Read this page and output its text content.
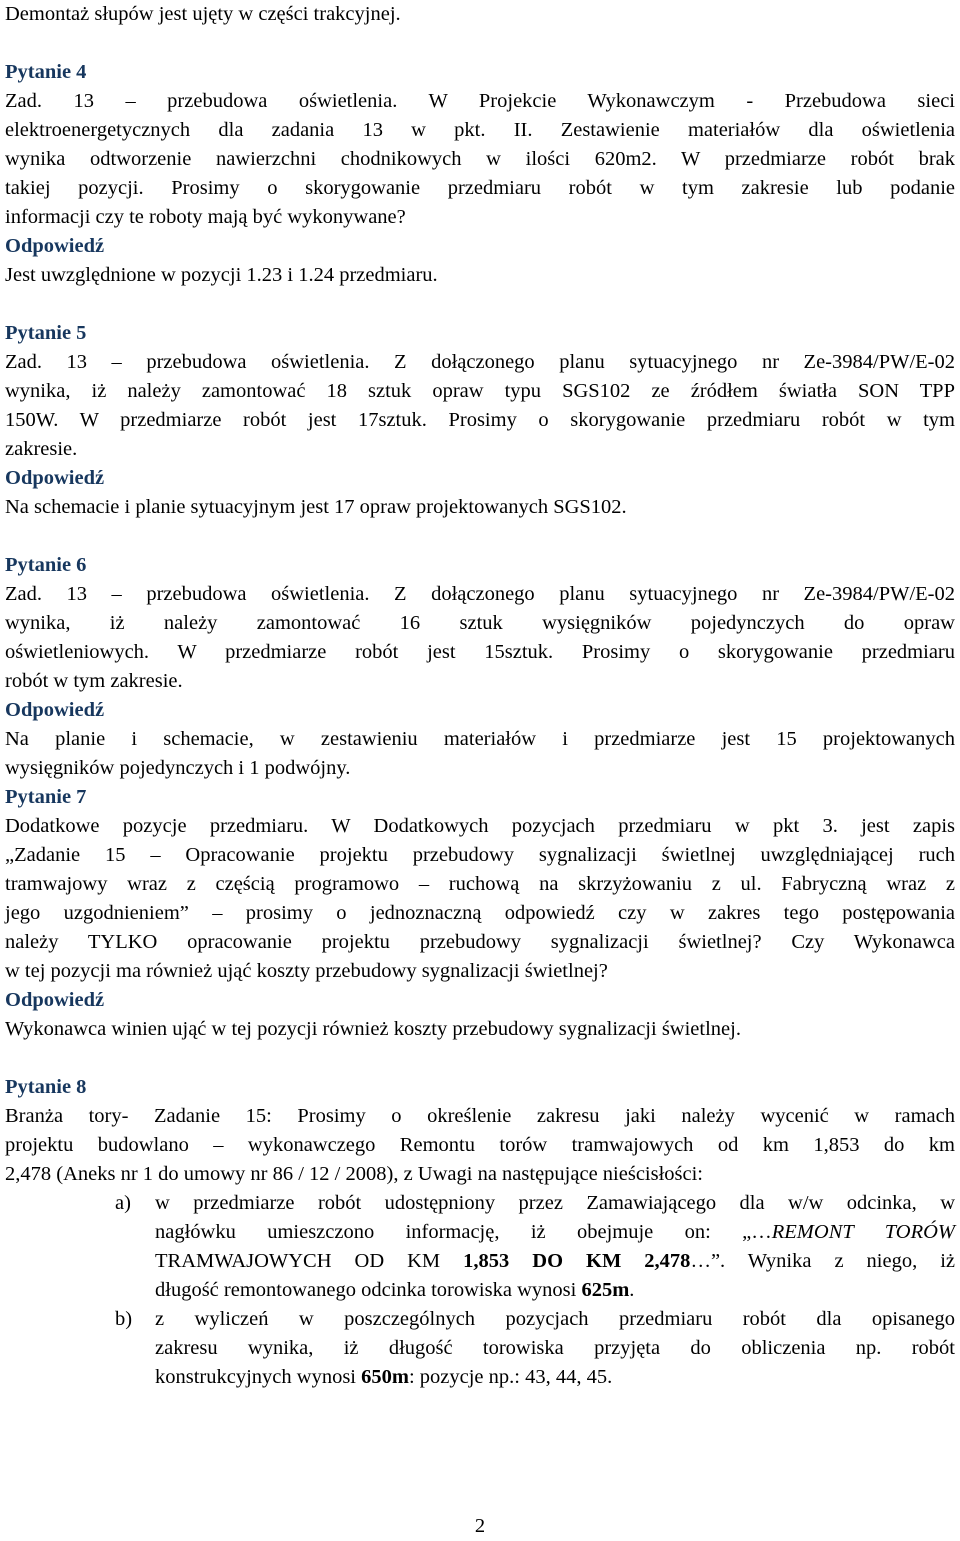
Demontaż słupów jest ujęty w części trakcyjnej.
Pytanie 4
Zad. 13 – przebudowa oświetlenia. W Projekcie Wykonawczym - Przebudowa sieci
elektroenergetycznych dla zadania 13 w pkt. II. Zestawienie materiałów dla oświetlenia
wynika odtworzenie nawierzchni chodnikowych w ilości 620m2. W przedmiarze robót brak
takiej pozycji. Prosimy o skorygowanie przedmiaru robót w tym zakresie lub podanie
informacji czy te roboty mają być wykonywane?
Odpowiedź
Jest uwzględnione w pozycji 1.23 i 1.24 przedmiaru.
Pytanie 5
Zad. 13 – przebudowa oświetlenia. Z dołączonego planu sytuacyjnego nr Ze-3984/PW/E-02
wynika, iż należy zamontować 18 sztuk opraw typu SGS102 ze źródłem światła SON TPP
150W. W przedmiarze robót jest 17sztuk. Prosimy o skorygowanie przedmiaru robót w tym
zakresie.
Odpowiedź
Na schemacie i planie sytuacyjnym jest 17 opraw projektowanych SGS102.
Pytanie 6
Zad. 13 – przebudowa oświetlenia. Z dołączonego planu sytuacyjnego nr Ze-3984/PW/E-02
wynika, iż należy zamontować 16 sztuk wysięgników pojedynczych do opraw
oświetleniowych. W przedmiarze robót jest 15sztuk. Prosimy o skorygowanie przedmiaru
robót w tym zakresie.
Odpowiedź
Na planie i schemacie, w zestawieniu materiałów i przedmiarze jest 15 projektowanych
wysięgników pojedynczych i 1 podwójny.
Pytanie 7
Dodatkowe pozycje przedmiaru. W Dodatkowych pozycjach przedmiaru w pkt 3. jest zapis
„Zadanie 15 – Opracowanie projektu przebudowy sygnalizacji świetlnej uwzględniającej ruch
tramwajowy wraz z częścią programowo – ruchową na skrzyżowaniu z ul. Fabryczną wraz z
jego uzgodnieniem” – prosimy o jednoznaczną odpowiedź czy w zakres tego postępowania
należy TYLKO opracowanie projektu przebudowy sygnalizacji świetlnej? Czy Wykonawca
w tej pozycji ma również ująć koszty przebudowy sygnalizacji świetlnej?
Odpowiedź
Wykonawca winien ująć w tej pozycji również koszty przebudowy sygnalizacji świetlnej.
Pytanie 8
Branża tory- Zadanie 15: Prosimy o określenie zakresu jaki należy wycenić w ramach
projektu budowlano – wykonawczego Remontu torów tramwajowych od km 1,853 do km
2,478 (Aneks nr 1 do umowy nr 86 / 12 / 2008), z Uwagi na następujące nieścisłości:
a) w przedmiarze robót udostępniony przez Zamawiającego dla w/w odcinka, w
nagłówku umieszczono informację, iż obejmuje on: „…REMONT TORÓW
TRAMWAJOWYCH OD KM 1,853 DO KM 2,478…”. Wynika z niego, iż
długość remontowanego odcinka torowiska wynosi 625m.
b) z wyliczeń w poszczególnych pozycjach przedmiaru robót dla opisanego
zakresu wynika, iż długość torowiska przyjęta do obliczenia np. robót
konstrukcyjnych wynosi 650m: pozycje np.: 43, 44, 45.
2
